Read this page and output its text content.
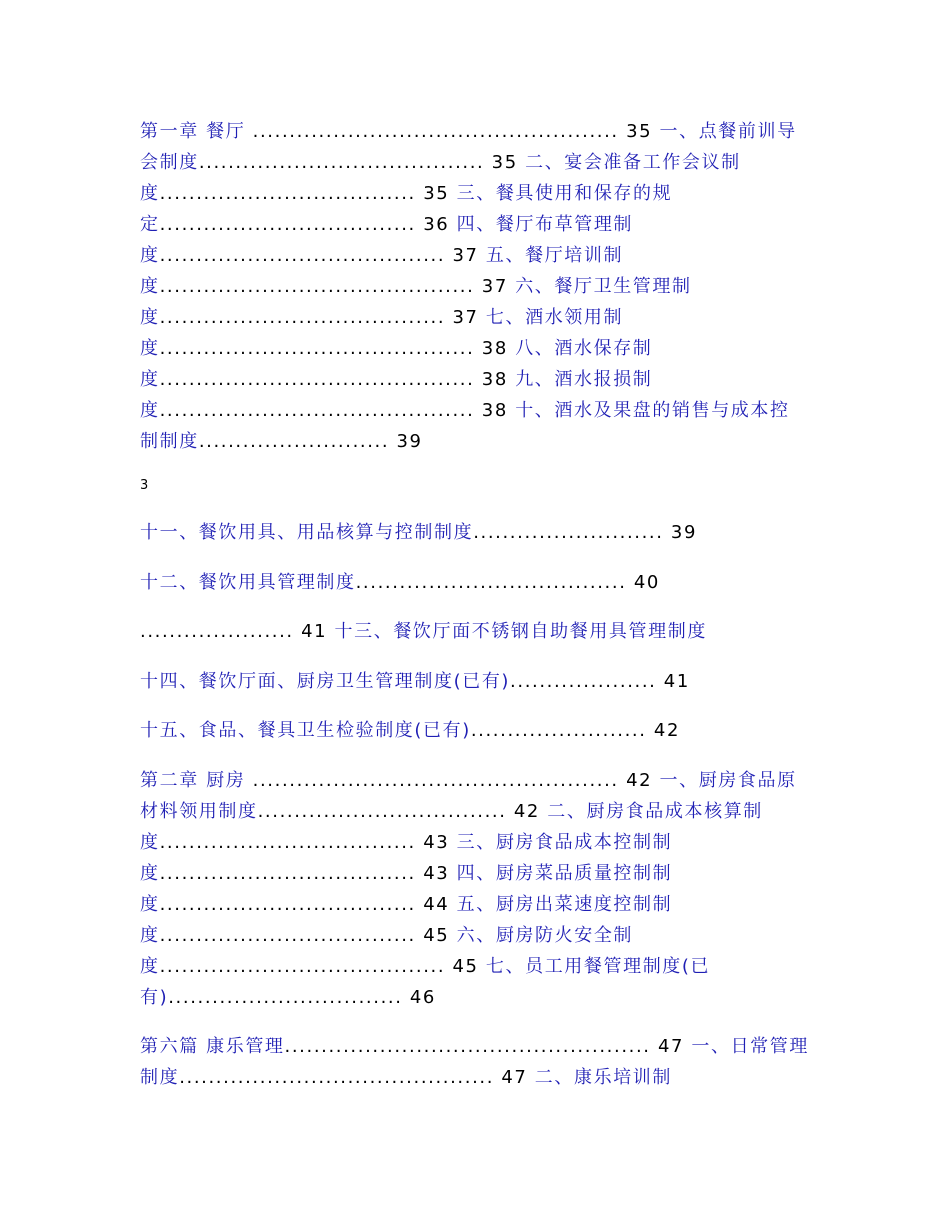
第一章 餐厅 .................................................. 35 一、点餐前训导
会制度....................................... 35 二、宴会准备工作会议制
度................................... 35 三、餐具使用和保存的规
定................................... 36 四、餐厅布草管理制
度....................................... 37 五、餐厅培训制
度........................................... 37 六、餐厅卫生管理制
度....................................... 37 七、酒水领用制
度........................................... 38 八、酒水保存制
度........................................... 38 九、酒水报损制
度........................................... 38 十、酒水及果盘的销售与成本控
制制度.......................... 39
3
十一、餐饮用具、用品核算与控制制度.......................... 39
十二、餐饮用具管理制度..................................... 40
..................... 41 十三、餐饮厅面不锈钢自助餐用具管理制度
十四、餐饮厅面、厨房卫生管理制度(已有).................... 41
十五、食品、餐具卫生检验制度(已有)........................ 42
第二章 厨房 .................................................. 42 一、厨房食品原
材料领用制度.................................. 42 二、厨房食品成本核算制
度................................... 43 三、厨房食品成本控制制
度................................... 43 四、厨房菜品质量控制制
度................................... 44 五、厨房出菜速度控制制
度................................... 45 六、厨房防火安全制
度....................................... 45 七、员工用餐管理制度(已
有)................................ 46
第六篇 康乐管理.................................................. 47 一、日常管理
制度........................................... 47 二、康乐培训制
